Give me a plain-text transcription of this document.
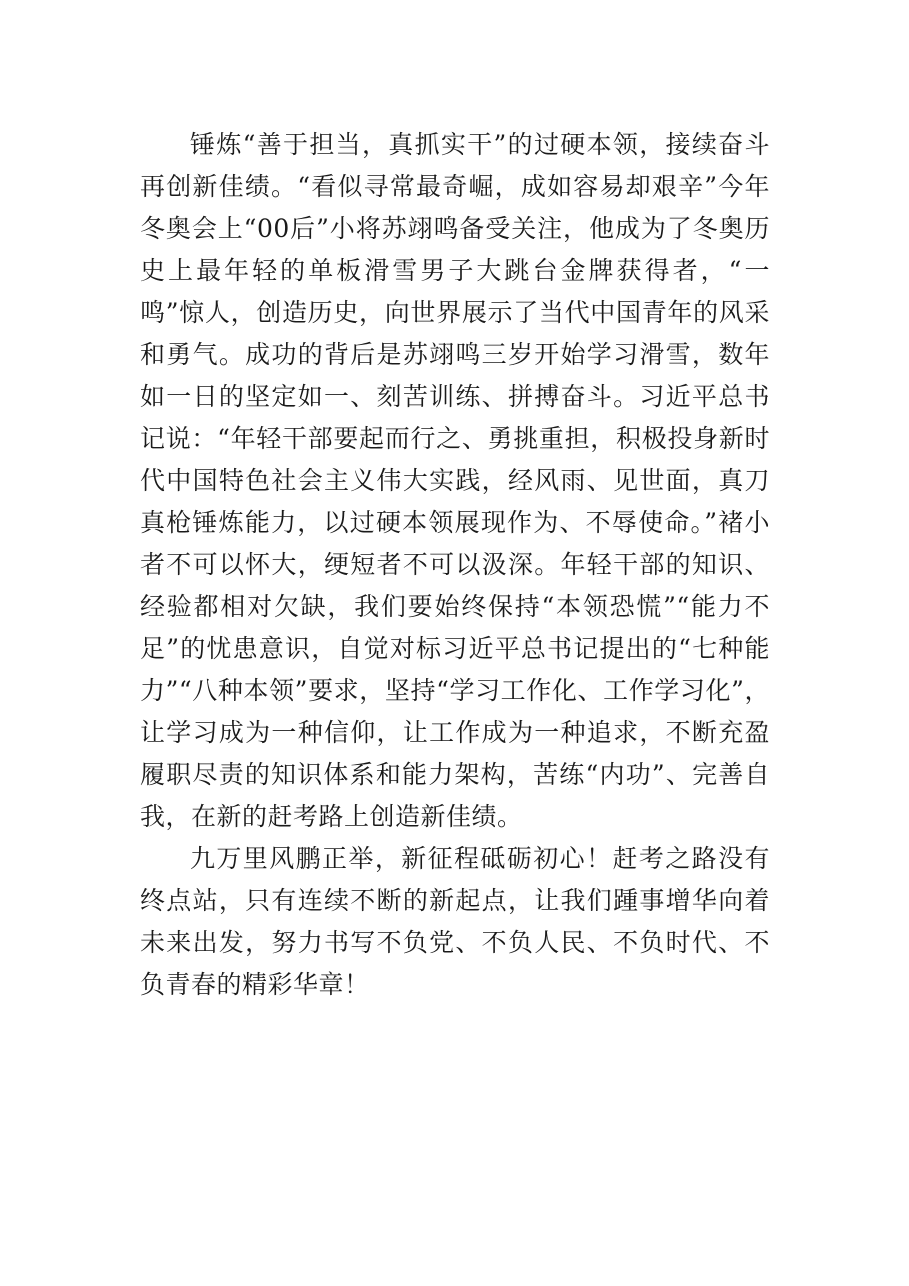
锤炼“善于担当，真抓实干”的过硬本领，接续奋斗再创新佳绩。“看似寻常最奇崛，成如容易却艰辛”今年冬奥会上“00后”小将苏翊鸣备受关注，他成为了冬奥历史上最年轻的单板滑雪男子大跳台金牌获得者，“一鸣”惊人，创造历史，向世界展示了当代中国青年的风采和勇气。成功的背后是苏翊鸣三岁开始学习滑雪，数年如一日的坚定如一、刻苦训练、拼搏奋斗。习近平总书记说：“年轻干部要起而行之、勇挑重担，积极投身新时代中国特色社会主义伟大实践，经风雨、见世面，真刀真枪锤炼能力，以过硬本领展现作为、不辱使命。”褚小者不可以怀大，绠短者不可以汲深。年轻干部的知识、经验都相对欠缺，我们要始终保持“本领恐慌”“能力不足”的忧患意识，自觉对标习近平总书记提出的“七种能力”“八种本领”要求，坚持“学习工作化、工作学习化”，让学习成为一种信仰，让工作成为一种追求，不断充盈履职尽责的知识体系和能力架构，苦练“内功”、完善自我，在新的赶考路上创造新佳绩。

九万里风鹏正举，新征程砥砺初心！赶考之路没有终点站，只有连续不断的新起点，让我们踵事增华向着未来出发，努力书写不负党、不负人民、不负时代、不负青春的精彩华章！
